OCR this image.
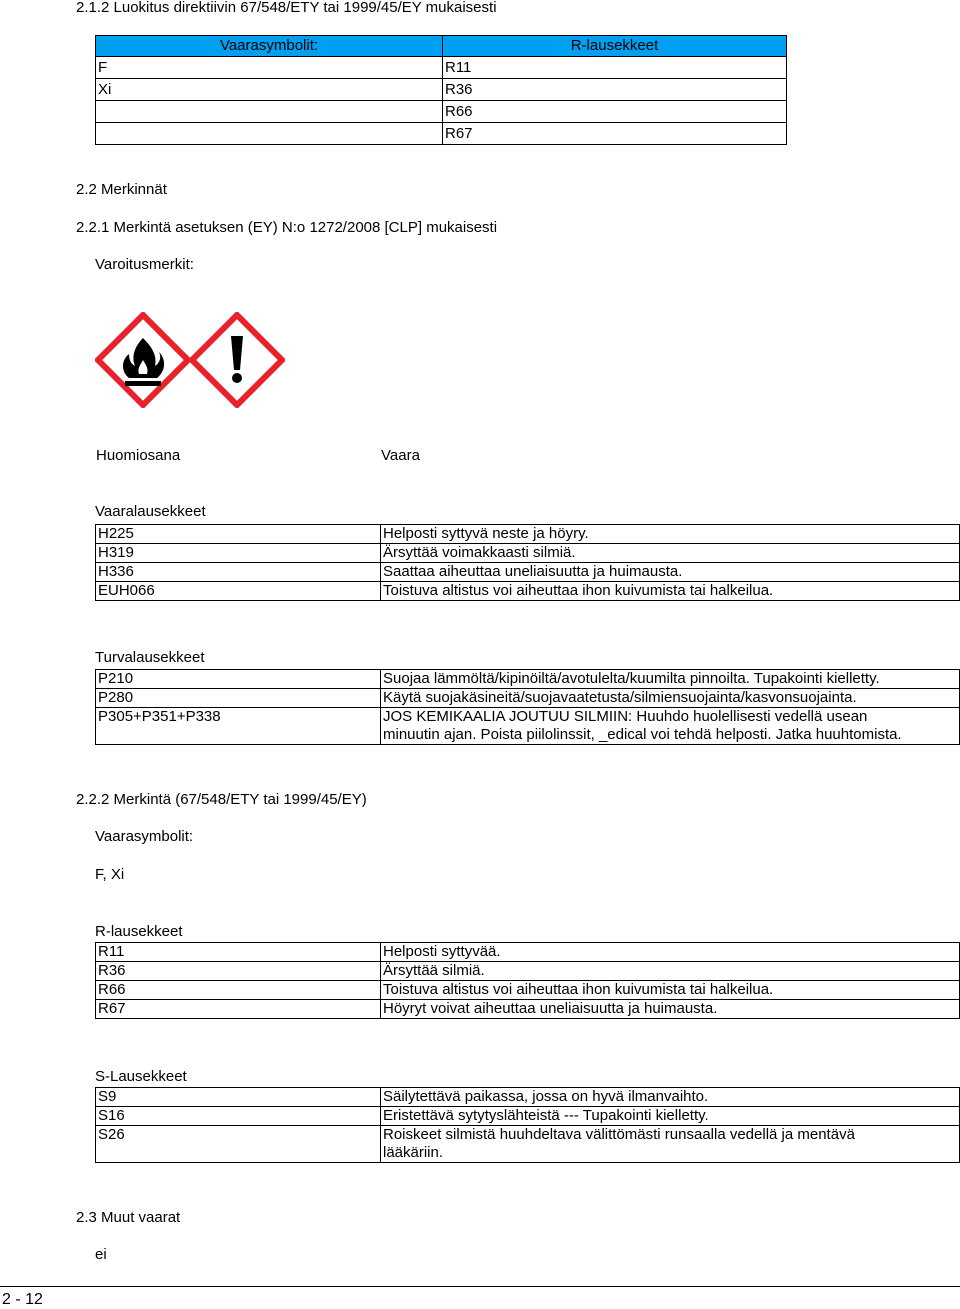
2.1.2 Luokitus direktiivin 67/548/ETY tai 1999/45/EY mukaisesti
Vaarasymbolit:	R-lausekkeet
F	R11
Xi	R36
	R66
	R67
2.2 Merkinnät
2.2.1 Merkintä asetuksen (EY) N:o 1272/2008 [CLP] mukaisesti
Varoitusmerkit:
Huomiosana	Vaara
Vaaralausekkeet
H225	Helposti syttyvä neste ja höyry.
H319	Ärsyttää voimakkaasti silmiä.
H336	Saattaa aiheuttaa uneliaisuutta ja huimausta.
EUH066	Toistuva altistus voi aiheuttaa ihon kuivumista tai halkeilua.
Turvalausekkeet
P210	Suojaa lämmöltä/kipinöiltä/avotulelta/kuumilta pinnoilta. Tupakointi kielletty.
P280	Käytä suojakäsineitä/suojavaatetusta/silmiensuojainta/kasvonsuojainta.
P305+P351+P338	JOS KEMIKAALIA JOUTUU SILMIIN: Huuhdo huolellisesti vedellä usean
minuutin ajan. Poista piilolinssit, _edical voi tehdä helposti. Jatka huuhtomista.
2.2.2 Merkintä (67/548/ETY tai 1999/45/EY)
Vaarasymbolit:
F, Xi
R-lausekkeet
R11	Helposti syttyvää.
R36	Ärsyttää silmiä.
R66	Toistuva altistus voi aiheuttaa ihon kuivumista tai halkeilua.
R67	Höyryt voivat aiheuttaa uneliaisuutta ja huimausta.
S-Lausekkeet
S9	Säilytettävä paikassa, jossa on hyvä ilmanvaihto.
S16	Eristettävä sytytyslähteistä --- Tupakointi kielletty.
S26	Roiskeet silmistä huuhdeltava välittömästi runsaalla vedellä ja mentävä
lääkäriin.
2.3 Muut vaarat
ei
2 - 12
